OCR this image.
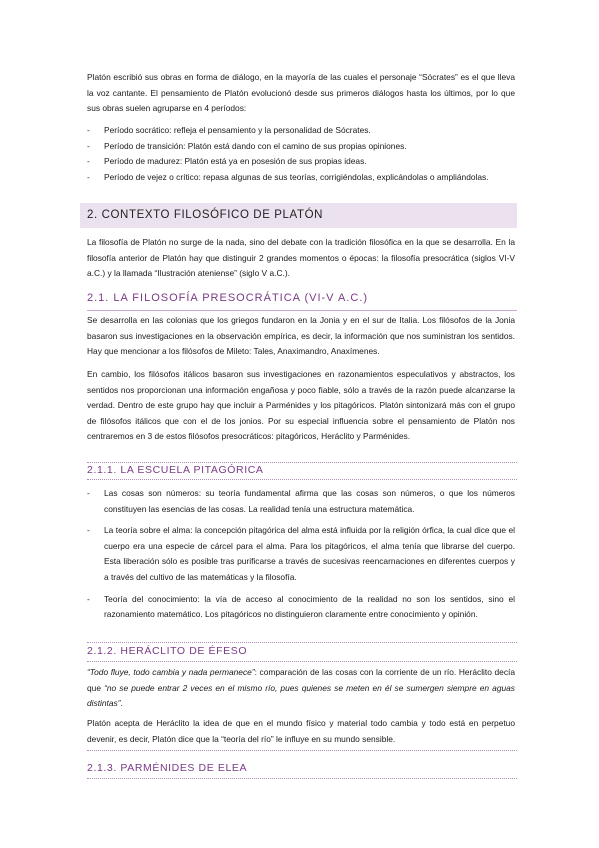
Platón escribió sus obras en forma de diálogo, en la mayoría de las cuales el personaje “Sócrates” es el que lleva la voz cantante. El pensamiento de Platón evolucionó desde sus primeros diálogos hasta los últimos, por lo que sus obras suelen agruparse en 4 períodos:

- Período socrático: refleja el pensamiento y la personalidad de Sócrates.
- Período de transición: Platón está dando con el camino de sus propias opiniones.
- Período de madurez: Platón está ya en posesión de sus propias ideas.
- Período de vejez o crítico: repasa algunas de sus teorías, corrigiéndolas, explicándolas o ampliándolas.
2. CONTEXTO FILOSÓFICO DE PLATÓN

La filosofía de Platón no surge de la nada, sino del debate con la tradición filosófica en la que se desarrolla. En la filosofía anterior de Platón hay que distinguir 2 grandes momentos o épocas: la filosofía presocrática (siglos VI-V a.C.) y la llamada “Ilustración ateniense” (siglo V a.C.).

2.1. LA FILOSOFÍA PRESOCRÁTICA (VI-V A.C.)

Se desarrolla en las colonias que los griegos fundaron en la Jonia y en el sur de Italia. Los filósofos de la Jonia basaron sus investigaciones en la observación empírica, es decir, la información que nos suministran los sentidos. Hay que mencionar a los filósofos de Mileto: Tales, Anaximandro, Anaxímenes.

En cambio, los filósofos itálicos basaron sus investigaciones en razonamientos especulativos y abstractos, los sentidos nos proporcionan una información engañosa y poco fiable, sólo a través de la razón puede alcanzarse la verdad. Dentro de este grupo hay que incluir a Parménides y los pitagóricos. Platón sintonizará más con el grupo de filósofos itálicos que con el de los jonios. Por su especial influencia sobre el pensamiento de Platón nos centraremos en 3 de estos filósofos presocráticos: pitagóricos, Heráclito y Parménides.

2.1.1. LA ESCUELA PITAGÓRICA
- Las cosas son números: su teoría fundamental afirma que las cosas son números, o que los números constituyen las esencias de las cosas. La realidad tenía una estructura matemática.
- La teoría sobre el alma: la concepción pitagórica del alma está influida por la religión órfica, la cual dice que el cuerpo era una especie de cárcel para el alma. Para los pitagóricos, el alma tenía que librarse del cuerpo. Esta liberación sólo es posible tras purificarse a través de sucesivas reencarnaciones en diferentes cuerpos y a través del cultivo de las matemáticas y la filosofía.
- Teoría del conocimiento: la vía de acceso al conocimiento de la realidad no son los sentidos, sino el razonamiento matemático. Los pitagóricos no distinguieron claramente entre conocimiento y opinión.
2.1.2. HERÁCLITO DE ÉFESO

“Todo fluye, todo cambia y nada permanece”: comparación de las cosas con la corriente de un río. Heráclito decía que “no se puede entrar 2 veces en el mismo río, pues quienes se meten en él se sumergen siempre en aguas distintas”.

Platón acepta de Heráclito la idea de que en el mundo físico y material todo cambia y todo está en perpetuo devenir, es decir, Platón dice que la “teoría del río” le influye en su mundo sensible.

2.1.3. PARMÉNIDES DE ELEA
